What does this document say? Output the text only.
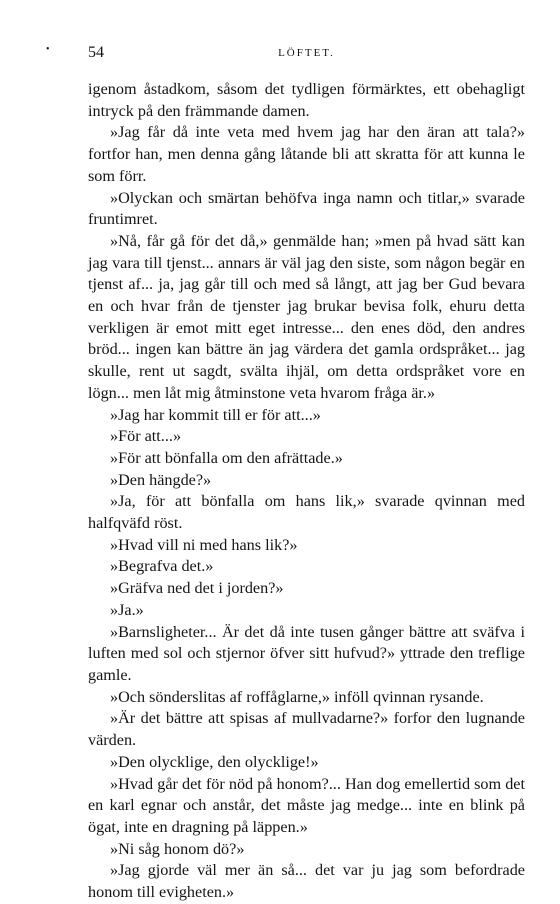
• 54	LÖFTET.

igenom åstadkom, såsom det tydligen förmärktes, ett obehagligt intryck på den främmande damen.

»Jag får då inte veta med hvem jag har den äran att tala?» fortfor han, men denna gång låtande bli att skratta för att kunna le som förr.

»Olyckan och smärtan behöfva inga namn och titlar,» svarade fruntimret.

»Nå, får gå för det då,» genmälde han; »men på hvad sätt kan jag vara till tjenst... annars är väl jag den siste, som någon begär en tjenst af... ja, jag går till och med så långt, att jag ber Gud bevara en och hvar från de tjenster jag brukar bevisa folk, ehuru detta verkligen är emot mitt eget intresse... den enes död, den andres bröd... ingen kan bättre än jag värdera det gamla ordspråket... jag skulle, rent ut sagdt, svälta ihjäl, om detta ordspråket vore en lögn... men låt mig åtminstone veta hvarom fråga är.»

»Jag har kommit till er för att...»

»För att...»

»För att bönfalla om den afrättade.»

»Den hängde?»

»Ja, för att bönfalla om hans lik,» svarade qvinnan med halfqväfd röst.

»Hvad vill ni med hans lik?»

»Begrafva det.»

»Gräfva ned det i jorden?»

»Ja.»

»Barnsligheter... Är det då inte tusen gånger bättre att sväfva i luften med sol och stjernor öfver sitt hufvud?» yttrade den treflige gamle.

»Och sönderslitas af roffåglarne,» inföll qvinnan rysande.

»Är det bättre att spisas af mullvadarne?» forfor den lugnande värden.

»Den olycklige, den olycklige!»

»Hvad går det för nöd på honom?... Han dog emellertid som det en karl egnar och anstår, det måste jag medge... inte en blink på ögat, inte en dragning på läppen.»

»Ni såg honom dö?»

»Jag gjorde väl mer än så... det var ju jag som befordrade honom till evigheten.»
